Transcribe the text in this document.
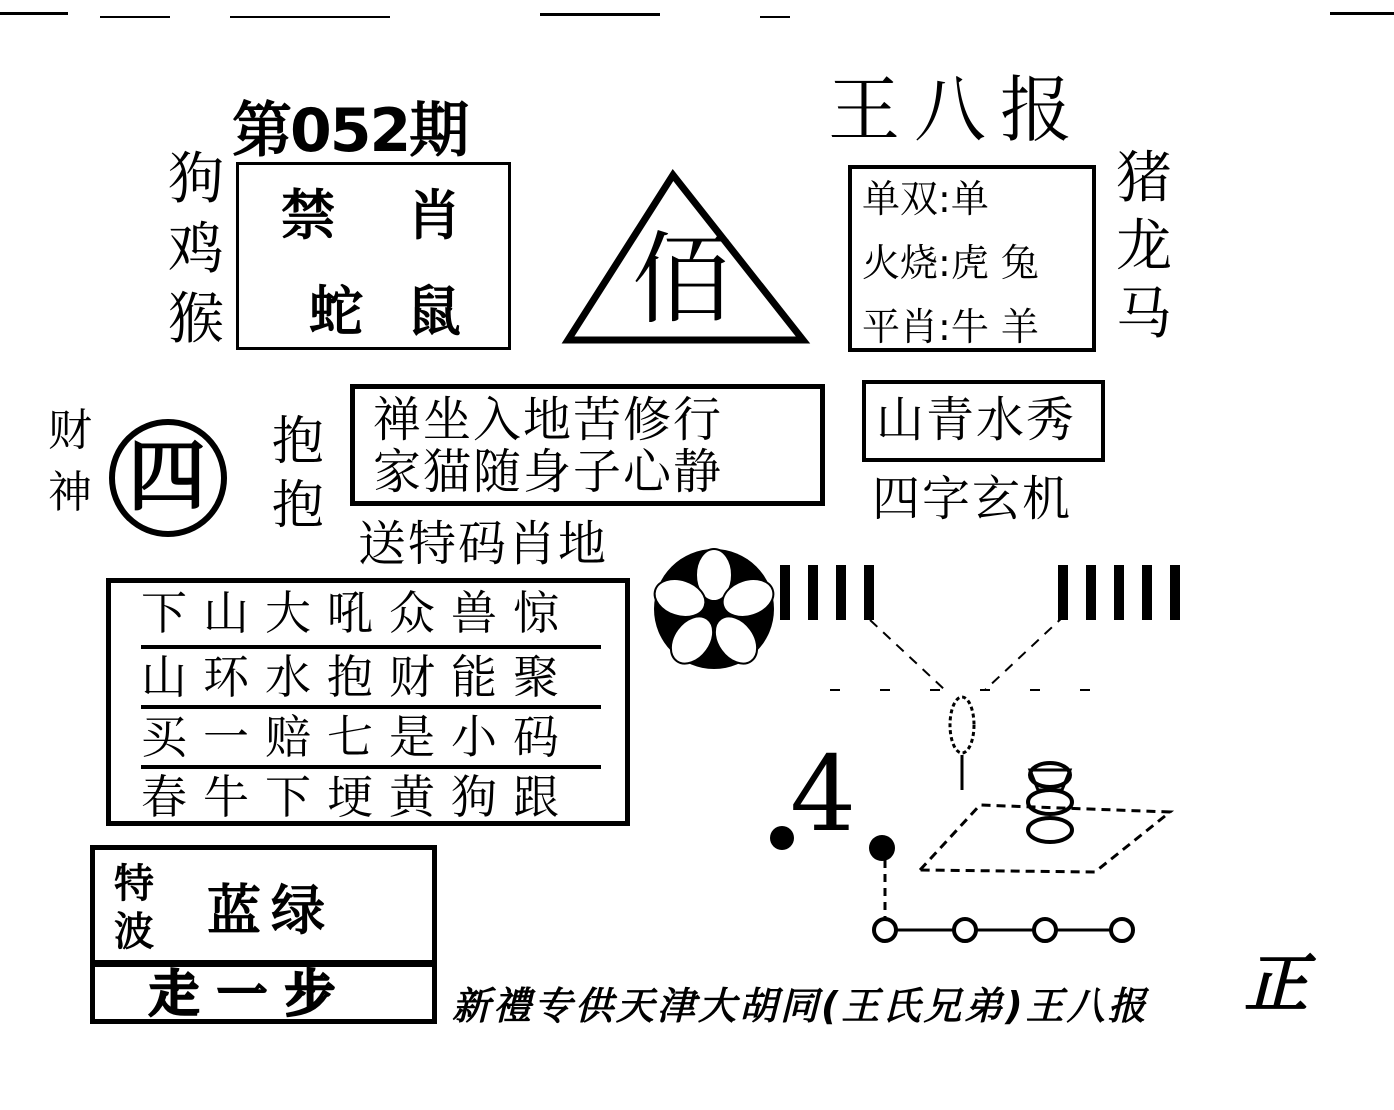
第052期	王八报
狗
鸡
猴
禁 肖
蛇 鼠 佰
单双:单
火烧:虎 兔
平肖:牛 羊
猪
龙
马
财
神 四 抱
抱
禅坐入地苦修行
家猫随身子心静
送特码肖地
山青水秀
四字玄机
下山大吼众兽惊
山环水抱财能聚
买一赔七是小码
春牛下埂黄狗跟 4
特
波 蓝绿
走一步	新禮专供天津大胡同(王氏兄弟)王八报 正
